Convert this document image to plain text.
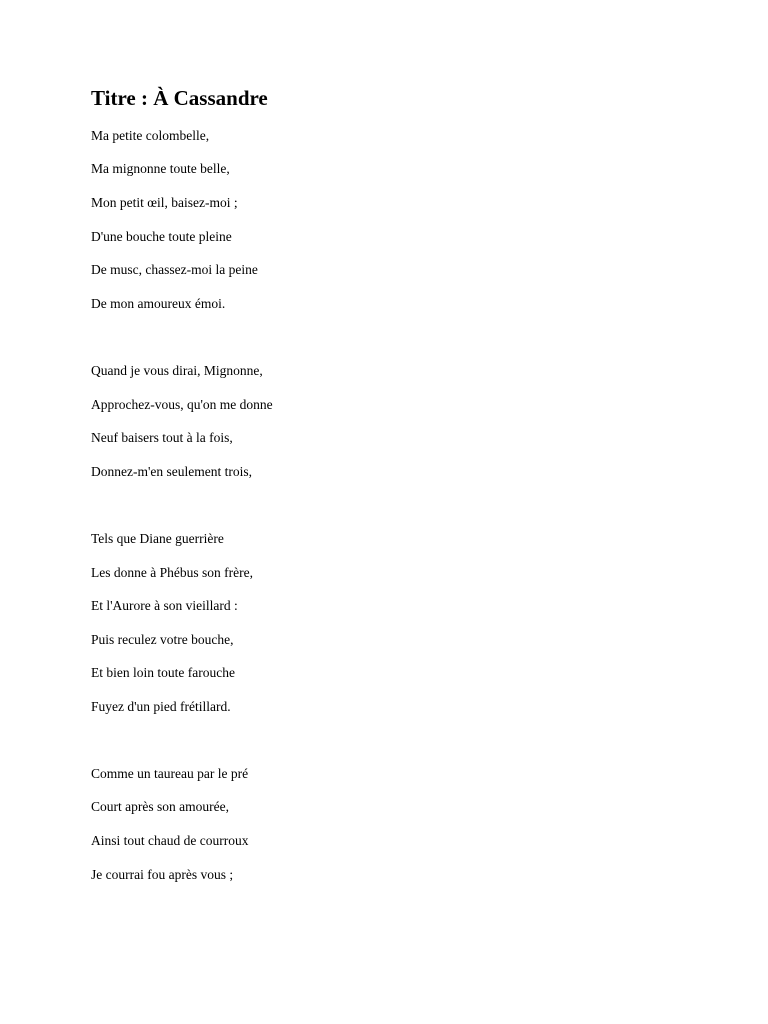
Titre : À Cassandre

Ma petite colombelle,

Ma mignonne toute belle,

Mon petit œil, baisez-moi ;

D'une bouche toute pleine

De musc, chassez-moi la peine

De mon amoureux émoi.

Quand je vous dirai, Mignonne,

Approchez-vous, qu'on me donne

Neuf baisers tout à la fois,

Donnez-m'en seulement trois,

Tels que Diane guerrière

Les donne à Phébus son frère,

Et l'Aurore à son vieillard :

Puis reculez votre bouche,

Et bien loin toute farouche

Fuyez d'un pied frétillard.

Comme un taureau par le pré

Court après son amourée,

Ainsi tout chaud de courroux

Je courrai fou après vous ;
